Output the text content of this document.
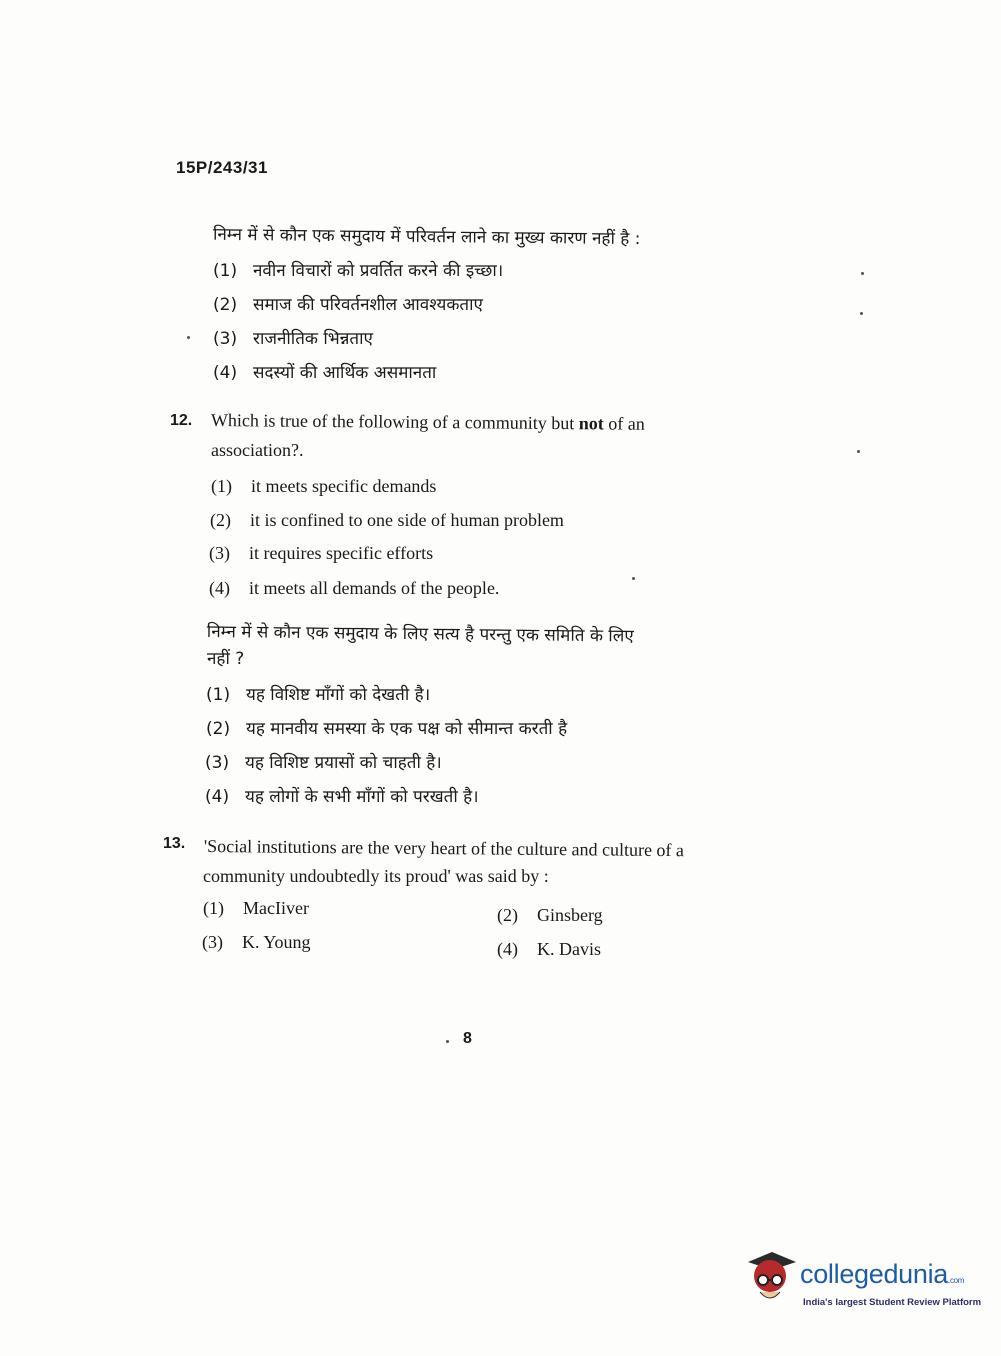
15P/243/31
निम्न में से कौन एक समुदाय में परिवर्तन लाने का मुख्य कारण नहीं है :
(1) नवीन विचारों को प्रवर्तित करने की इच्छा।
(2) समाज की परिवर्तनशील आवश्यकताए
(3) राजनीतिक भिन्नताए
(4) सदस्यों की आर्थिक असमानता
12. Which is true of the following of a community but not of an
association?.
(1) it meets specific demands
(2) it is confined to one side of human problem
(3) it requires specific efforts
(4) it meets all demands of the people.
निम्न में से कौन एक समुदाय के लिए सत्य है परन्तु एक समिति के लिए
नहीं ?
(1) यह विशिष्ट माँगों को देखती है।
(2) यह मानवीय समस्या के एक पक्ष को सीमान्त करती है
(3) यह विशिष्ट प्रयासों को चाहती है।
(4) यह लोगों के सभी माँगों को परखती है।
13. 'Social institutions are the very heart of the culture and culture of a
community undoubtedly its proud' was said by :
(1) MacIiver	(2) Ginsberg
(3) K. Young	(4) K. Davis
8
collegedunia.com
India's largest Student Review Platform
